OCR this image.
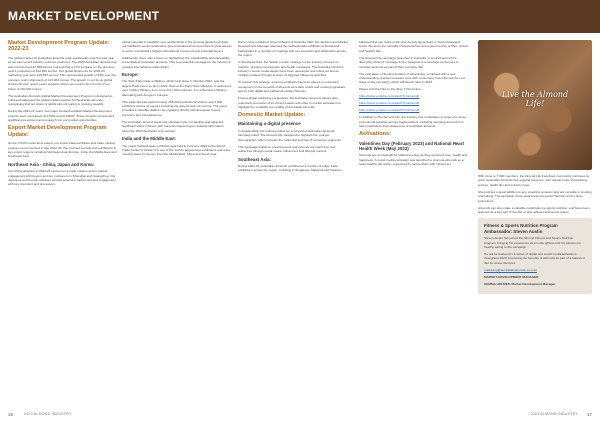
MARKET DEVELOPMENT
Market Development Program Update: 2022-23

The global market for Australian almonds grew significantly over the past year as we saw record industry volumes produced. The 2022 Australian almond crop was recorded at 142,565 tonnes representing a 17% increase on the previous year's production of 122,699 tonnes. Our global shipments for 2022-23 marketing year were 129,567 tonnes. This represented growth of 24% over the previous year's shipments of 113,064 tonnes. The growth in our focus global shipments over recent years supports where we need to be in terms of our future of 200,000 tonnes.

The Australian Almonds Global Market Development Program is designed to build and safeguard the global market position for Australian almonds, recognising that our share of global almond supply is growing steadily.

During the 2021-22 years, two major Global Australian Market Development projects were completed: AL17002 and AL19002. These projects represented significant investment and research into our market opportunities.

Export Market Development Program Update:

As the COVID restrictions eased, our export trade exhibition and trade mission program recommenced in late 2022-23. We returned to trade and exhibitions in key export regions including Northeast Asia, Europe, India, the Middle East and Southeast Asia.

Northeast Asia - China, Japan and Korea:

Our China activities in 2022-23 centred on a trade mission and in-market engagement with buyers and key customers in Shanghai and Guangzhou. Our Japanese and Korean activities centred around a market visit and engagement with key importers and processors.

global potential to establish new relationships in the growing global food trade, our facilitation sessions aimed to give Australian almond producers great access to some of Australia's largest international customers and potential buyers.

Additionally, there was a focus on highlighting the sustainability and traceability credentials of Australian almonds. This is a powerful message for the industry in growing international relationships.

Europe:

The SIAL Paris trade exhibition, which took place in October 2022, was the largest Paris event so far in 2022. Held at the Paris Nord Villepinte, it welcomed over 7,000 exhibitors from more than 100 countries. It is a biennial exhibition alternating with Anuga in Cologne.

This trade fair saw approximately 265,000 professional visitors and 7,000 exhibitors across 11 sectors including the almond and nut sectors. The event provided a valuable platform for engaging directly with European buyers, importers and manufacturers.

The Australian almond stand was situated in the nut pavilion and attracted significant visitor interest, with many European buyers seeking information about the 2023 Australian crop outlook.

India and the Middle East:

The year's Gulfood trade exhibition was held in February 2023 at the World Trade Centre in Dubai. It is one of the world's largest food exhibitions and a key meeting place for buyers from the Middle East, Africa and South Asia.

Darren Vine explained: Almond Board of Australia CEO Tim Jackson and Market Development Manager attended the Gulfood trade exhibition in Dubai and participated in a number of meetings with key importers and distributors across the region.

In Southeast Asia, the 'Watch it work!' strategy for the industry focused on nutrition, growing consumption and health messages. The Australian Almond industry's social media assets have been developed and rolled out across multiple markets through a series of targeted influencer activities.

To support this strategy, a strong emphasis has been placed on educating consumers on the benefits of almonds as a daily snack and cooking ingredient, across both digital and traditional media channels.

From a global marketing perspective, the Australian almond industry also undertook promotion of its 'Almond week' and other in-market activations to highlight the versatility and quality of Australian almonds.

Domestic Market Update:
Maintaining a digital presence

In August 2022, the industry rolled out a refreshed 'Australian Almonds' campaign titled 'The Almond Life' designed to highlight the younger demographic, which includes the millennial and Gen Z consumer segments.

This campaign builds on previous work and extends our reach into new audiences through social media, influencers and lifestyle content.

Southeast Asia:

During 2022-23, Australian almonds exhibited at a number of major trade exhibitions across the region, including in Singapore, Malaysia and Vietnam.

balanced diet can reduce LDL (low density lipoprotein) or 'bad' cholesterol levels. Almonds are naturally cholesterol free and a good source of fibre, protein and healthy fats.

The Almond Life campaign, launched in Australia, is centred around the 'Everyday Almond' message and is designed to encourage consumers to consider almonds as part of their everyday diet.

The evaluation of the first iteration of advertising, combined with a new understanding of what resonates most with consumers, has informed the next stage of the campaign, which will launch later in 2023.

Please find the links to the three TVCs below:

https://www.youtube.com/watch?v=almond1

https://www.youtube.com/watch?v=almond2

https://www.youtube.com/watch?v=almond3

In addition to The Almond Life, the industry has undertaken a range of in-store promotional activities across major retailers, including sampling and point-of-sale materials to drive awareness of Australian almonds.

Activations:
Valentines Day (February 2023) and National Heart Health Week (May 2023)

Almonds are an ideal gift for Valentine's Day as they represent love, health and happiness. A social media campaign was launched to promote almonds as a heart-healthy gift option, supported by partnerships with influencers.

Live the Almond Life!

With close to 7,000 members, the Almond Life Facebook community continues to grow. Australian Almonds has a global presence, with regular posts showcasing recipes, health tips and industry news.

Almonds are a great addition to any snacking occasion and are versatile in cooking and baking. The campaign drove awareness via social channels and in-store promotions.

Almonds can also make a valuable contribution to sports nutrition, and have been featured as a key part of the diet of elite athletes and sports teams.

Fitness & Sports Nutrition Program Ambassador: Steven Austin

Steven Austin has joined the Almond Fitness and Sports Nutrition program, bringing his experience as an elite athlete and his passion for healthy eating to the campaign.

He will be featured in a series of digital and social media activations throughout 2023, promoting the benefits of almonds as part of a balanced diet for active lifestyles.

marketing@australianalmonds.com.au

MARKET DEVELOPMENT MANAGER

GEMMA HOLMES, Market Development Manager

16	2023 ALMOND INDUSTRY	2023 ALMOND INDUSTRY 17
